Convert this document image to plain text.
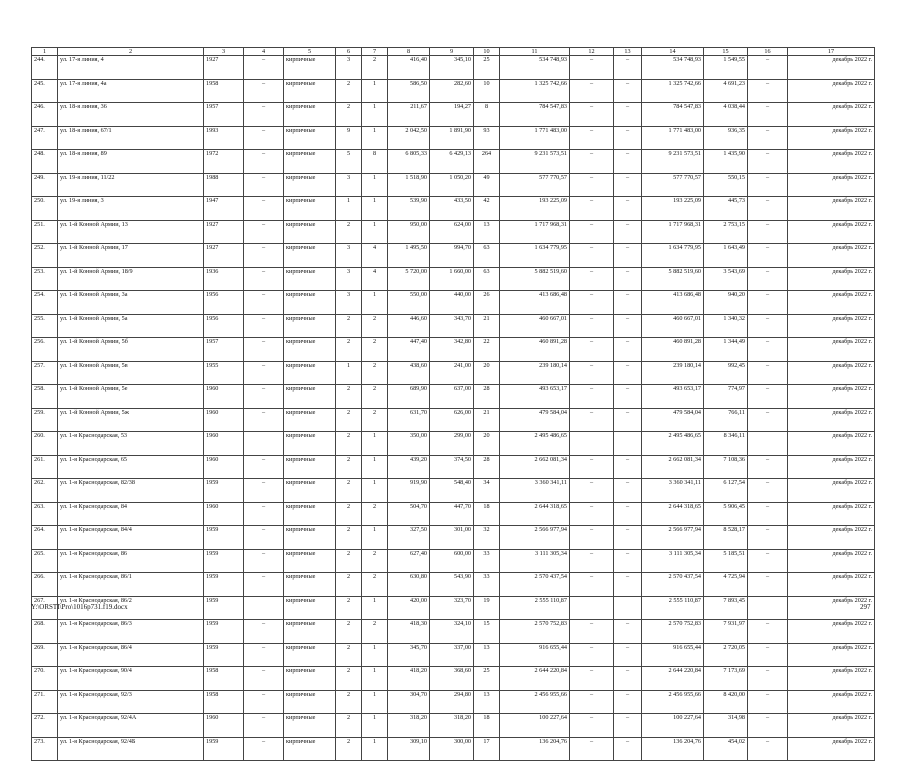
1	2	3	4	5	6	7	8	9	10	11	12	13	14	15	16	17
244.	ул. 17-я линия, 4	1927	–	кирпичные	3	2	416,40	345,10	25	534 748,93	–	–	534 748,93	1 549,55	–	декабрь 2022 г.
245.	ул. 17-я линия, 4а	1958	–	кирпичные	2	1	586,50	282,60	10	1 325 742,66	–	–	1 325 742,66	4 691,23	–	декабрь 2022 г.
246.	ул. 18-я линия, 36	1957	–	кирпичные	2	1	211,67	194,27	8	784 547,83	–	–	784 547,83	4 038,44	–	декабрь 2022 г.
247.	ул. 18-я линия, 67/1	1993	–	кирпичные	9	1	2 042,50	1 891,90	93	1 771 483,00	–	–	1 771 483,00	936,35	–	декабрь 2022 г.
248.	ул. 18-я линия, 89	1972	–	кирпичные	5	8	6 805,33	6 429,13	264	9 231 573,51	–	–	9 231 573,51	1 435,90	–	декабрь 2022 г.
249.	ул. 19-я линия, 11/22	1988	–	кирпичные	3	1	1 518,90	1 050,20	49	577 770,57	–	–	577 770,57	550,15	–	декабрь 2022 г.
250.	ул. 19-я линия, 3	1947	–	кирпичные	1	1	539,90	433,50	42	193 225,09	–	–	193 225,09	445,73	–	декабрь 2022 г.
251.	ул. 1-й Конной Армии, 13	1927	–	кирпичные	2	1	950,00	624,00	13	1 717 968,31	–	–	1 717 968,31	2 753,15	–	декабрь 2022 г.
252.	ул. 1-й Конной Армии, 17	1927	–	кирпичные	3	4	1 495,50	994,70	63	1 634 779,95	–	–	1 634 779,95	1 643,49	–	декабрь 2022 г.
253.	ул. 1-й Конной Армии, 18/9	1936	–	кирпичные	3	4	5 720,00	1 660,00	63	5 882 519,60	–	–	5 882 519,60	3 543,69	–	декабрь 2022 г.
254.	ул. 1-й Конной Армии, 3а	1956	–	кирпичные	3	1	550,00	440,00	26	413 686,48	–	–	413 686,48	940,20	–	декабрь 2022 г.
255.	ул. 1-й Конной Армии, 5а	1956	–	кирпичные	2	2	446,60	343,70	21	460 667,01	–	–	460 667,01	1 340,32	–	декабрь 2022 г.
256.	ул. 1-й Конной Армии, 5б	1957	–	кирпичные	2	2	447,40	342,80	22	460 891,28	–	–	460 891,28	1 344,49	–	декабрь 2022 г.
257.	ул. 1-й Конной Армии, 5в	1955	–	кирпичные	1	2	438,60	241,00	20	239 180,14	–	–	239 180,14	992,45	–	декабрь 2022 г.
258.	ул. 1-й Конной Армии, 5е	1960	–	кирпичные	2	2	689,90	637,00	28	493 653,17	–	–	493 653,17	774,97	–	декабрь 2022 г.
259.	ул. 1-й Конной Армии, 5ж	1960	–	кирпичные	2	2	631,70	626,00	21	479 584,04	–	–	479 584,04	766,11	–	декабрь 2022 г.
260.	ул. 1-я Краснодарская, 53	1960		кирпичные	2	1	350,00	299,00	20	2 495 486,65			2 495 486,65	8 346,11		декабрь 2022 г.
261.	ул. 1-я Краснодарская, 65	1960	–	кирпичные	2	1	439,20	374,50	28	2 662 081,34	–	–	2 662 081,34	7 108,36	–	декабрь 2022 г.
262.	ул. 1-я Краснодарская, 82/38	1959	–	кирпичные	2	1	919,90	548,40	34	3 360 341,11	–	–	3 360 341,11	6 127,54	–	декабрь 2022 г.
263.	ул. 1-я Краснодарская, 84	1960	–	кирпичные	2	2	504,70	447,70	18	2 644 318,65	–	–	2 644 318,65	5 906,45	–	декабрь 2022 г.
264.	ул. 1-я Краснодарская, 84/4	1959	–	кирпичные	2	1	327,50	301,00	32	2 566 977,94	–	–	2 566 977,94	8 528,17	–	декабрь 2022 г.
265.	ул. 1-я Краснодарская, 86	1959	–	кирпичные	2	2	627,40	600,00	33	3 111 305,34	–	–	3 111 305,34	5 185,51	–	декабрь 2022 г.
266.	ул. 1-я Краснодарская, 86/1	1959	–	кирпичные	2	2	630,80	543,90	33	2 570 437,54	–	–	2 570 437,54	4 725,94	–	декабрь 2022 г.
267.	ул. 1-я Краснодарская, 86/2	1959		кирпичные	2	1	420,00	323,70	19	2 555 110,87			2 555 110,87	7 893,45		декабрь 2022 г.
268.	ул. 1-я Краснодарская, 86/3	1959	–	кирпичные	2	2	418,30	324,10	15	2 570 752,83	–	–	2 570 752,83	7 931,97	–	декабрь 2022 г.
269.	ул. 1-я Краснодарская, 86/4	1959	–	кирпичные	2	1	345,70	337,00	13	916 655,44	–	–	916 655,44	2 720,05	–	декабрь 2022 г.
270.	ул. 1-я Краснодарская, 90/4	1958	–	кирпичные	2	1	418,20	368,60	25	2 644 220,84	–	–	2 644 220,84	7 173,69	–	декабрь 2022 г.
271.	ул. 1-я Краснодарская, 92/3	1958	–	кирпичные	2	1	304,70	294,80	13	2 456 955,66	–	–	2 456 955,66	8 420,00	–	декабрь 2022 г.
272.	ул. 1-я Краснодарская, 92/4А	1960	–	кирпичные	2	1	318,20	318,20	18	100 227,64	–	–	100 227,64	314,98	–	декабрь 2022 г.
273.	ул. 1-я Краснодарская, 92/4Б	1959	–	кирпичные	2	1	309,10	300,00	17	136 204,76	–	–	136 204,76	454,02	–	декабрь 2022 г.
Y:\ORSTI\Pro\1016p731.f19.docx	297
